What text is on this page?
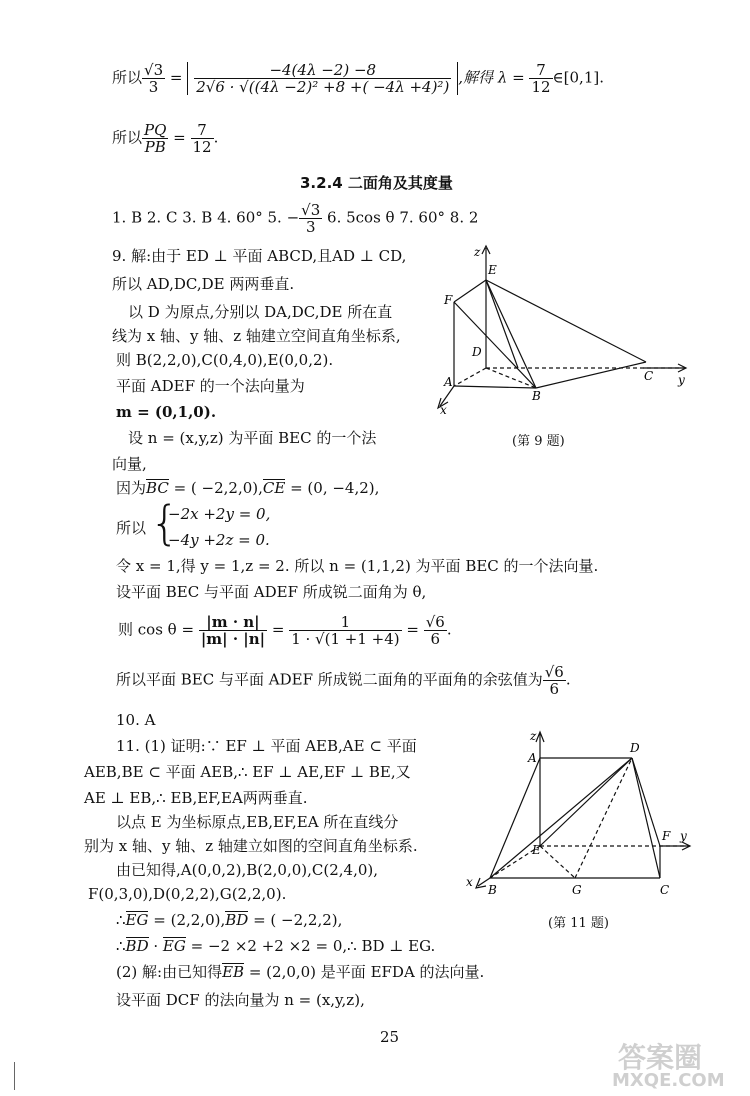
所以 $\frac{√3}{3} = \frac{-4(4\lambda -2) -8}{\text{2√6 · √((4λ −2)² +8 +( −4λ +4)²)}}$ ,解得 $\lambda = \frac{7}{12}$ ∈[0,1].
所以 $\frac{PQ}{PB} = \frac{7}{12}$ .
3.2.4 二面角及其度量
1. B 2. C 3. B 4. 60° 5. − $\frac{√3}{3} 6$. 5cos θ 7. 60° 8. 2
9. 解:由于 ED ⊥ 平面 ABCD,且AD ⊥ CD,
所以 AD,DC,DE 两两垂直.
以 D 为原点,分别以 DA,DC,DE 所在直
线为 x 轴、y 轴、z 轴建立空间直角坐标系,
则 B(2,2,0),C(0,4,0),E(0,0,2).
平面 ADEF 的一个法向量为
m = (0,1,0).
设 n = (x,y,z) 为平面 BEC 的一个法
向量,
因为BC = ( −2,2,0),CE = (0, −4,2),
所以 {
−2x +2y = 0,
−4y +2z = 0.
令 x = 1,得 y = 1,z = 2. 所以 n = (1,1,2) 为平面 BEC 的一个法向量.
设平面 BEC 与平面 ADEF 所成锐二面角为 θ,
则 $\cos \theta = \frac{|m \cdot n|}{|m| \cdot |n|} = \frac{1}{1 \cdot √(1 +1 +4)} = \frac{√6}{6}$ .
所以平面 BEC 与平面 ADEF 所成锐二面角的平面角的余弦值为 $\frac{√6}{6}$ .
z
E
F
D
A
B
C y
x
(第 9 题)
10. A
11. (1) 证明:∵ EF ⊥ 平面 AEB,AE ⊂ 平面
AEB,BE ⊂ 平面 AEB,∴ EF ⊥ AE,EF ⊥ BE,又
AE ⊥ EB,∴ EB,EF,EA两两垂直.
以点 E 为坐标原点,EB,EF,EA 所在直线分
别为 x 轴、y 轴、z 轴建立如图的空间直角坐标系.
由已知得,A(0,0,2),B(2,0,0),C(2,4,0),
F(0,3,0),D(0,2,2),G(2,2,0).
∴EG = (2,2,0),BD = ( −2,2,2),
∴BD · EG = −2 ×2 +2 ×2 = 0,∴ BD ⊥ EG.
(2) 解:由已知得EB = (2,0,0) 是平面 EFDA 的法向量.
设平面 DCF 的法向量为 n = (x,y,z),
z
A
D
F y
E
x
B	G	C
(第 11 题)
25
答案圈
MXQE.COM
